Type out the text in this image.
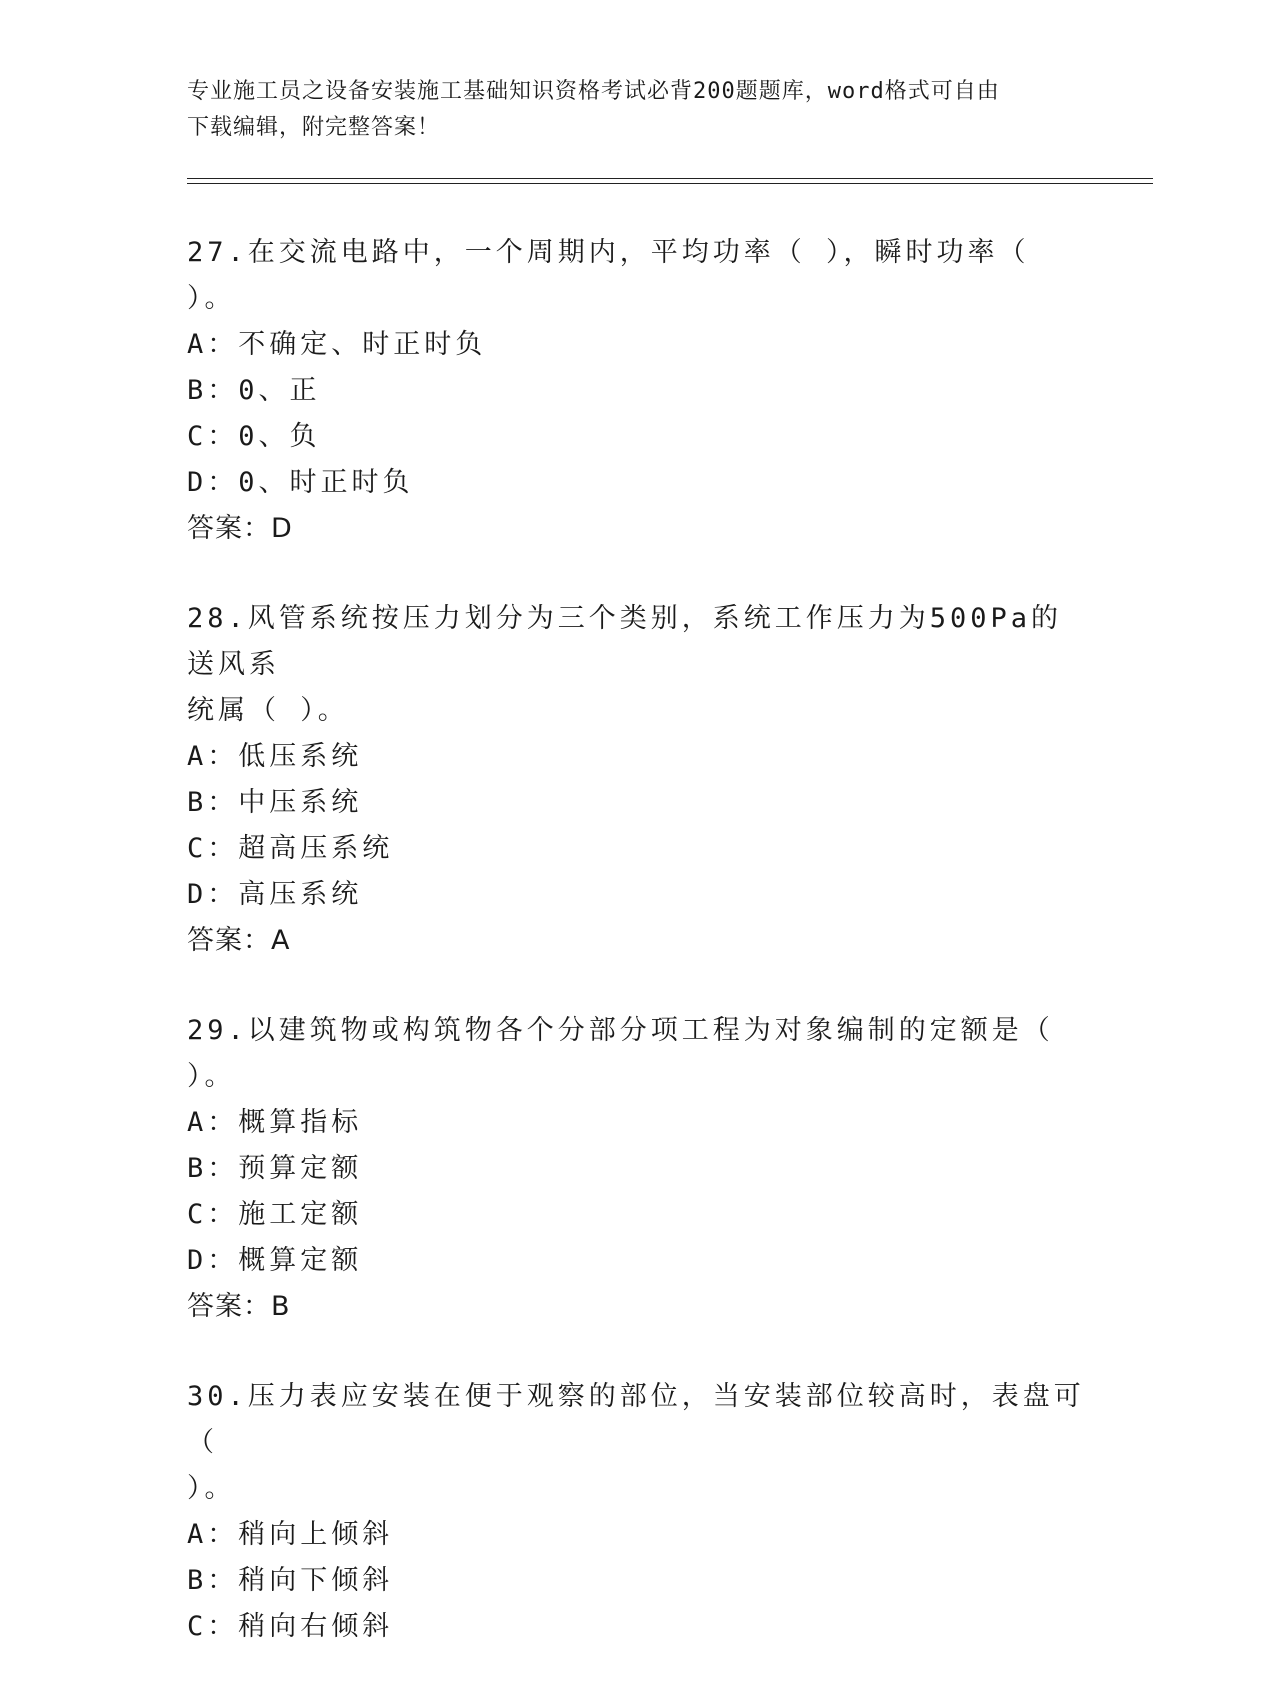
专业施工员之设备安装施工基础知识资格考试必背200题题库，word格式可自由
下载编辑，附完整答案！

27.在交流电路中，一个周期内，平均功率（ ），瞬时功率（ ）。

A：不确定、时正时负

B：0、正

C：0、负

D：0、时正时负

答案：D

28.风管系统按压力划分为三个类别，系统工作压力为500Pa的送风系

统属（ ）。

A：低压系统

B：中压系统

C：超高压系统

D：高压系统

答案：A

29.以建筑物或构筑物各个分部分项工程为对象编制的定额是（ ）。

A：概算指标

B：预算定额

C：施工定额

D：概算定额

答案：B

30.压力表应安装在便于观察的部位，当安装部位较高时，表盘可（

）。

A：稍向上倾斜

B：稍向下倾斜

C：稍向右倾斜
